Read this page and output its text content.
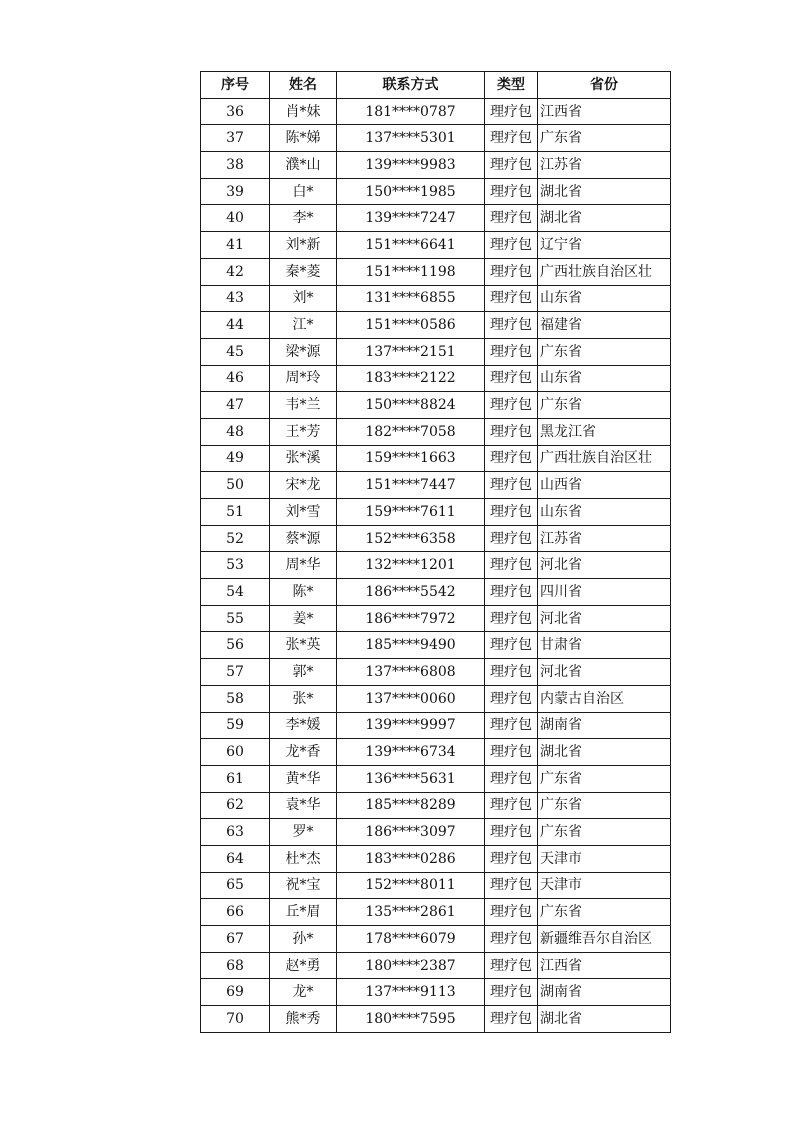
序号	姓名	联系方式	类型	省份
36	肖*妹	181****0787	理疗包	江西省
37	陈*娣	137****5301	理疗包	广东省
38	濮*山	139****9983	理疗包	江苏省
39	白*	150****1985	理疗包	湖北省
40	李*	139****7247	理疗包	湖北省
41	刘*新	151****6641	理疗包	辽宁省
42	秦*菱	151****1198	理疗包	广西壮族自治区壮
43	刘*	131****6855	理疗包	山东省
44	江*	151****0586	理疗包	福建省
45	梁*源	137****2151	理疗包	广东省
46	周*玲	183****2122	理疗包	山东省
47	韦*兰	150****8824	理疗包	广东省
48	王*芳	182****7058	理疗包	黑龙江省
49	张*溪	159****1663	理疗包	广西壮族自治区壮
50	宋*龙	151****7447	理疗包	山西省
51	刘*雪	159****7611	理疗包	山东省
52	蔡*源	152****6358	理疗包	江苏省
53	周*华	132****1201	理疗包	河北省
54	陈*	186****5542	理疗包	四川省
55	姜*	186****7972	理疗包	河北省
56	张*英	185****9490	理疗包	甘肃省
57	郭*	137****6808	理疗包	河北省
58	张*	137****0060	理疗包	内蒙古自治区
59	李*媛	139****9997	理疗包	湖南省
60	龙*香	139****6734	理疗包	湖北省
61	黄*华	136****5631	理疗包	广东省
62	袁*华	185****8289	理疗包	广东省
63	罗*	186****3097	理疗包	广东省
64	杜*杰	183****0286	理疗包	天津市
65	祝*宝	152****8011	理疗包	天津市
66	丘*眉	135****2861	理疗包	广东省
67	孙*	178****6079	理疗包	新疆维吾尔自治区
68	赵*勇	180****2387	理疗包	江西省
69	龙*	137****9113	理疗包	湖南省
70	熊*秀	180****7595	理疗包	湖北省
